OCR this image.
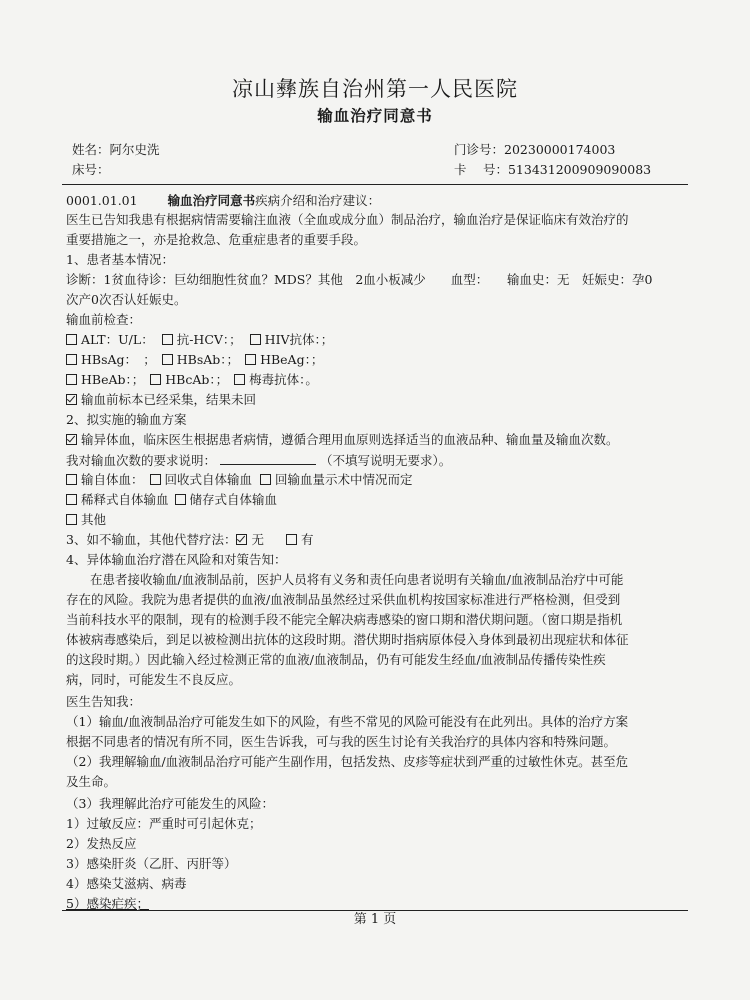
凉山彝族自治州第一人民医院
输血治疗同意书
姓名：阿尔史洗
床号：
门诊号：20230000174003
卡　 号：513431200909090083
0001.01.01 输血治疗同意书疾病介绍和治疗建议：
医生已告知我患有根据病情需要输注血液（全血或成分血）制品治疗，输血治疗是保证临床有效治疗的
重要措施之一，亦是抢救急、危重症患者的重要手段。
1、患者基本情况：
诊断：1贫血待诊：巨幼细胞性贫血？MDS？其他　2血小板减少　　血型：　　输血史：无　妊娠史：孕0
次产0次否认妊娠史。
输血前检查：
ALT：U/L： 抗-HCV：； HIV抗体：；
HBsAg：　； HBsAb：； HBeAg：；
HBeAb：； HBcAb：； 梅毒抗体：。
输血前标本已经采集，结果未回
2、拟实施的输血方案
输异体血，临床医生根据患者病情，遵循合理用血原则选择适当的血液品种、输血量及输血次数。
我对输血次数的要求说明：	（不填写说明无要求）。
输自体血： 回收式自体输血 回输血量示术中情况而定
稀释式自体输血 储存式自体输血
其他
3、如不输血，其他代替疗法： 无	有
4、异体输血治疗潜在风险和对策告知：
在患者接收输血/血液制品前，医护人员将有义务和责任向患者说明有关输血/血液制品治疗中可能
存在的风险。我院为患者提供的血液/血液制品虽然经过采供血机构按国家标准进行严格检测，但受到
当前科技水平的限制，现有的检测手段不能完全解决病毒感染的窗口期和潜伏期问题。（窗口期是指机
体被病毒感染后，到足以被检测出抗体的这段时期。潜伏期时指病原体侵入身体到最初出现症状和体征
的这段时期。）因此输入经过检测正常的血液/血液制品，仍有可能发生经血/血液制品传播传染性疾
病，同时，可能发生不良反应。
医生告知我：
（1）输血/血液制品治疗可能发生如下的风险，有些不常见的风险可能没有在此列出。具体的治疗方案
根据不同患者的情况有所不同，医生告诉我，可与我的医生讨论有关我治疗的具体内容和特殊问题。
（2）我理解输血/血液制品治疗可能产生副作用，包括发热、皮疹等症状到严重的过敏性休克。甚至危
及生命。
（3）我理解此治疗可能发生的风险：
1）过敏反应：严重时可引起休克；
2）发热反应
3）感染肝炎（乙肝、丙肝等）
4）感染艾滋病、病毒
5）感染疟疾；
第 1 页
